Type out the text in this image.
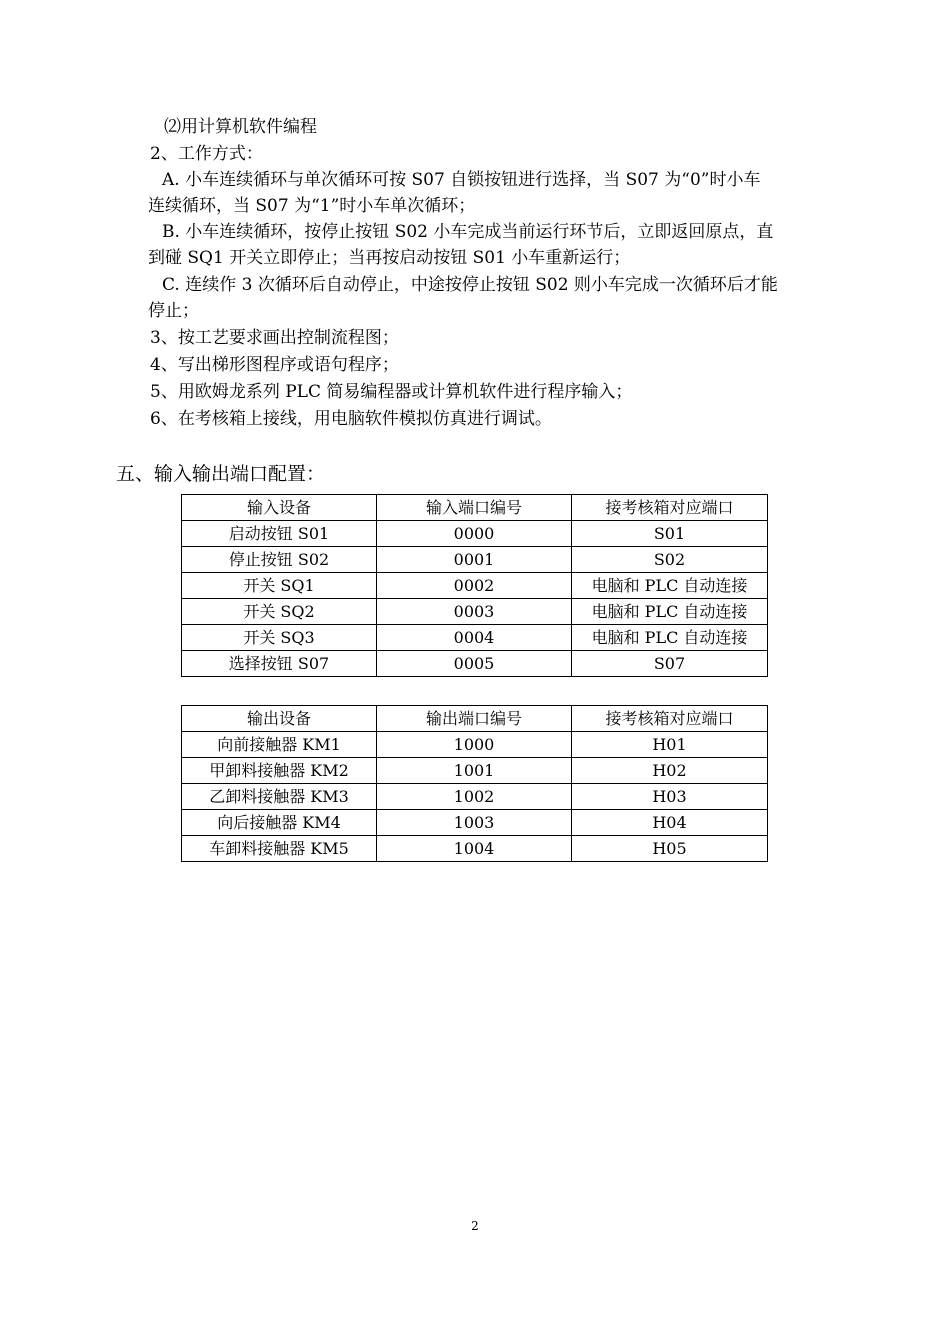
⑵用计算机软件编程
2、工作方式：
A. 小车连续循环与单次循环可按 S07 自锁按钮进行选择，当 S07 为“0”时小车
连续循环，当 S07 为“1”时小车单次循环；
B. 小车连续循环，按停止按钮 S02 小车完成当前运行环节后，立即返回原点，直
到碰 SQ1 开关立即停止；当再按启动按钮 S01 小车重新运行；
C. 连续作 3 次循环后自动停止，中途按停止按钮 S02 则小车完成一次循环后才能
停止；
3、按工艺要求画出控制流程图；
4、写出梯形图程序或语句程序；
5、用欧姆龙系列 PLC 简易编程器或计算机软件进行程序输入；
6、在考核箱上接线，用电脑软件模拟仿真进行调试。
五、输入输出端口配置：
输入设备	输入端口编号	接考核箱对应端口
启动按钮 S01	0000	S01
停止按钮 S02	0001	S02
开关 SQ1	0002	电脑和 PLC 自动连接
开关 SQ2	0003	电脑和 PLC 自动连接
开关 SQ3	0004	电脑和 PLC 自动连接
选择按钮 S07	0005	S07
输出设备	输出端口编号	接考核箱对应端口
向前接触器 KM1	1000	H01
甲卸料接触器 KM2	1001	H02
乙卸料接触器 KM3	1002	H03
向后接触器 KM4	1003	H04
车卸料接触器 KM5	1004	H05
2
